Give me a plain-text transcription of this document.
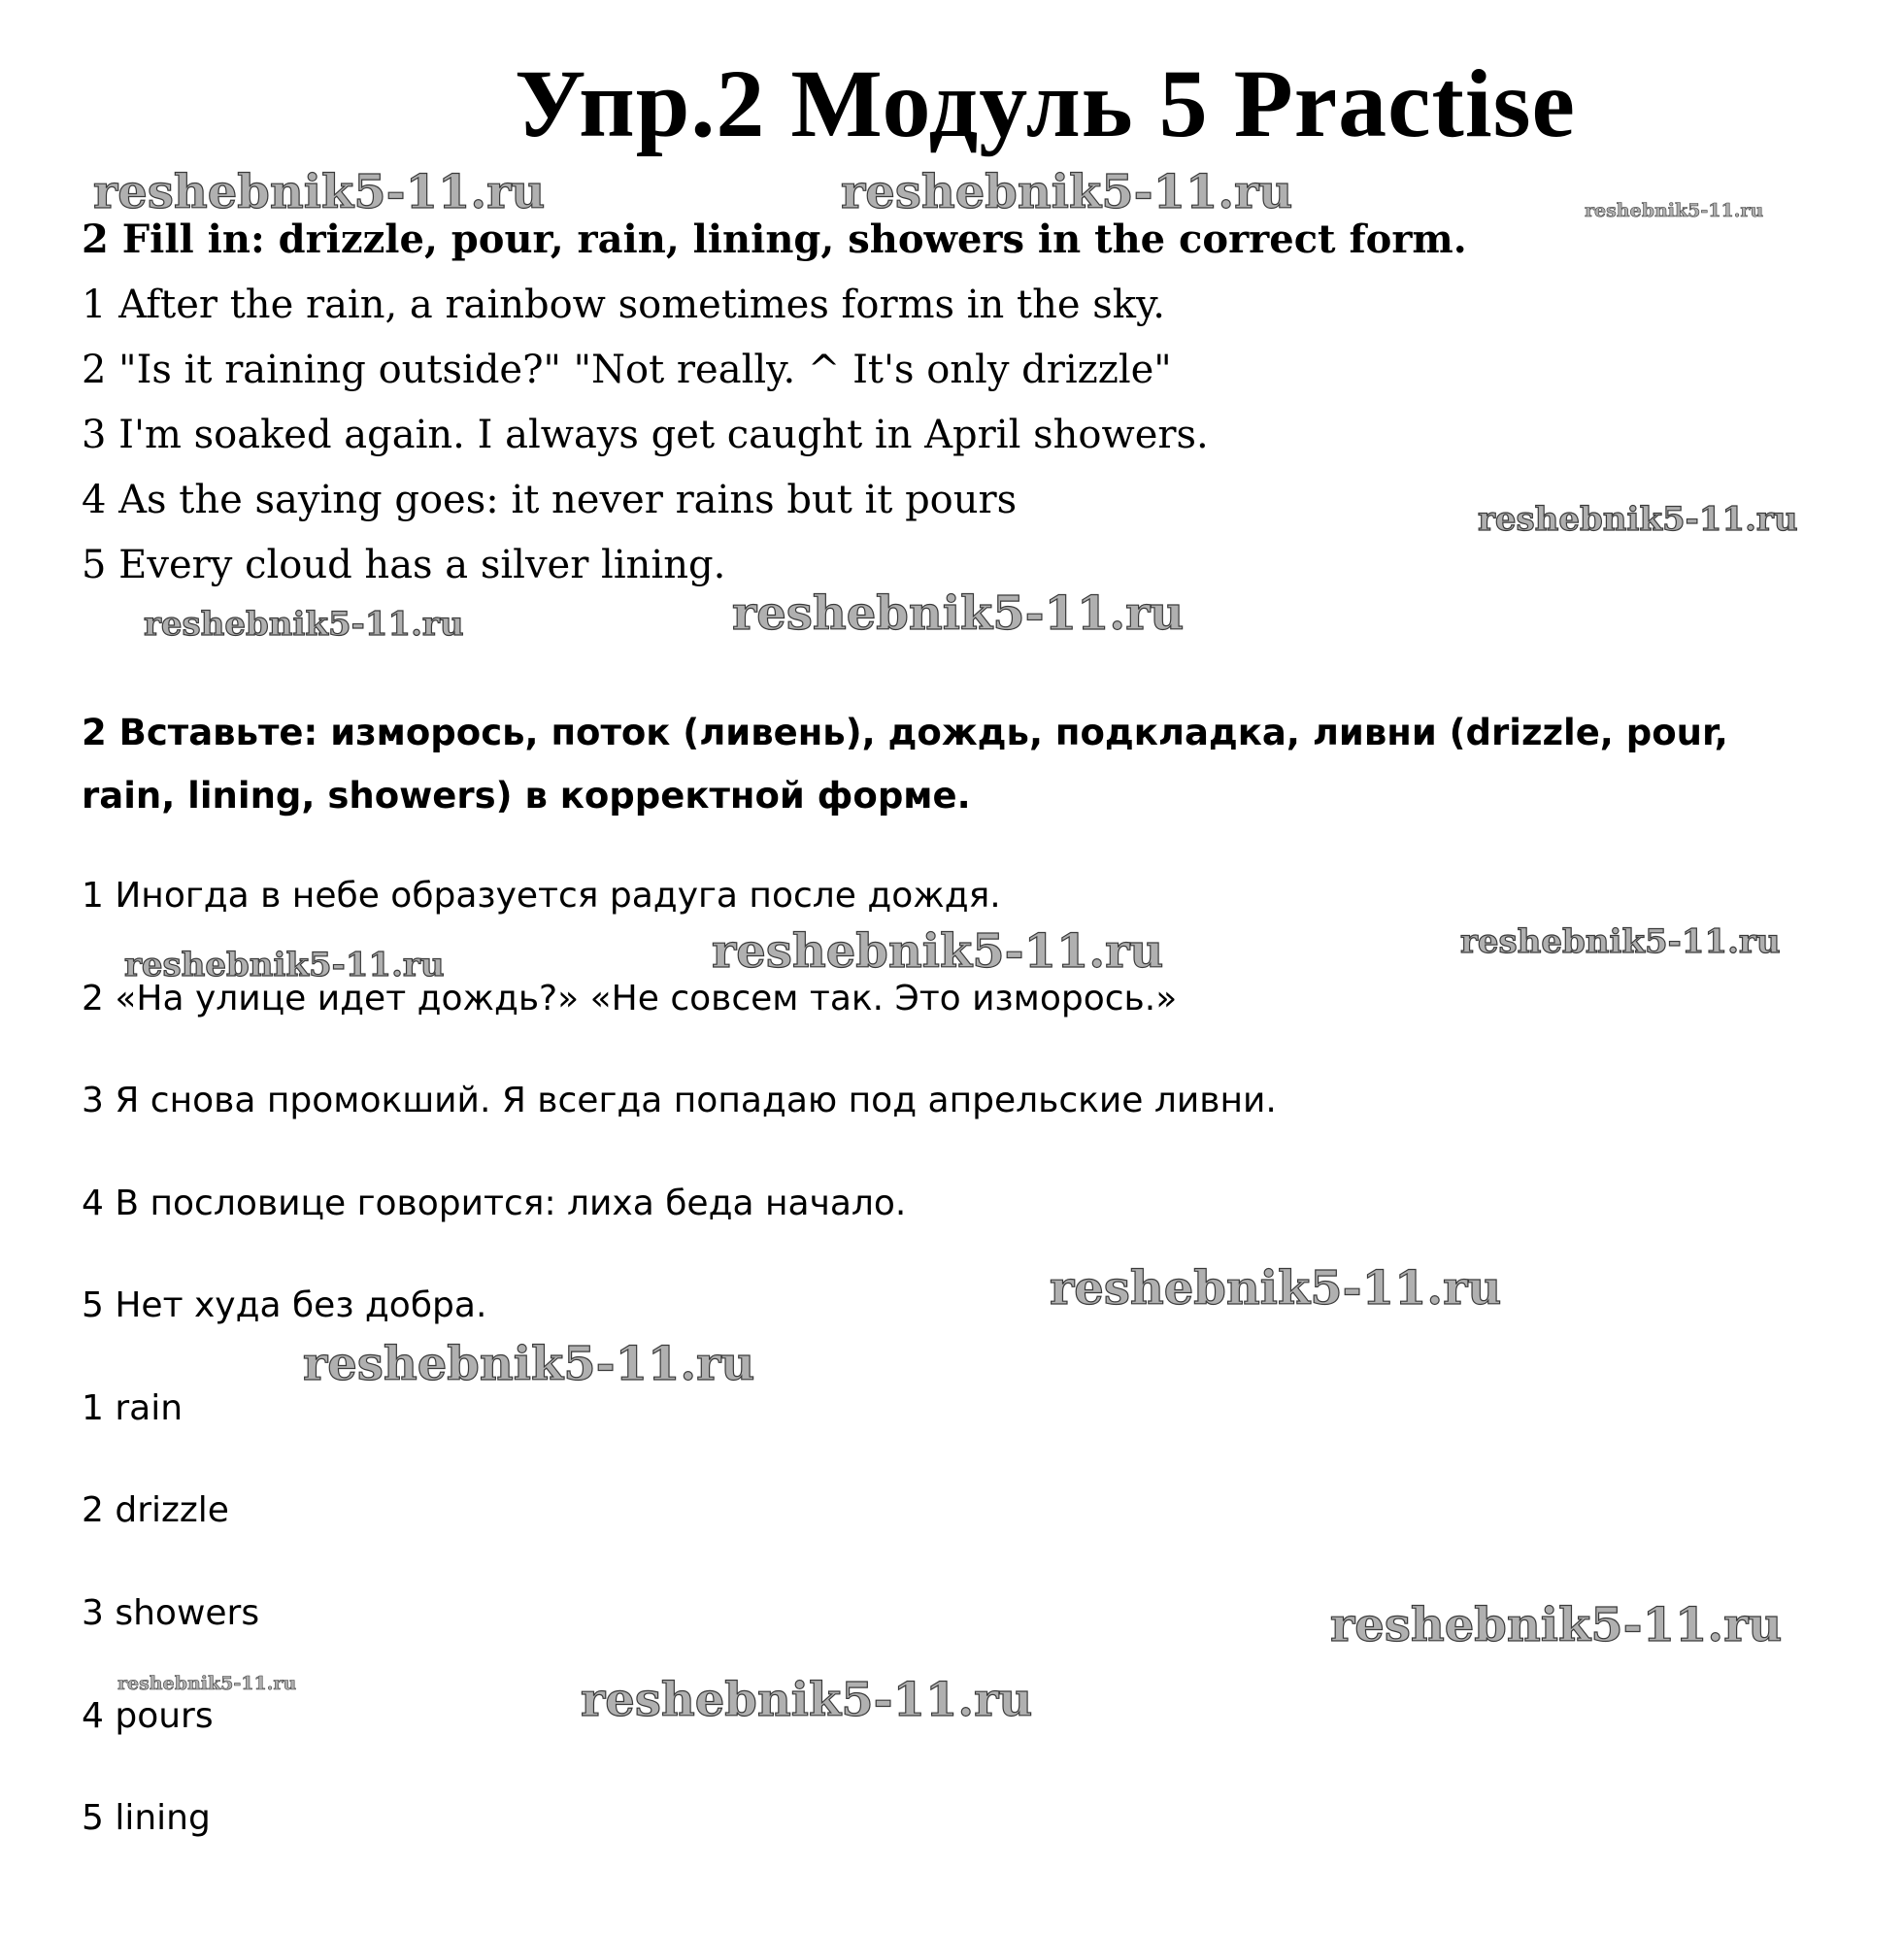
Упр.2 Модуль 5 Practise
2 Fill in: drizzle, pour, rain, lining, showers in the correct form.
1 After the rain, a rainbow sometimes forms in the sky.
2 "Is it raining outside?" "Not really. ^ It's only drizzle"
3 I'm soaked again. I always get caught in April showers.
4 As the saying goes: it never rains but it pours
5 Every cloud has a silver lining.
2 Вставьте: изморось, поток (ливень), дождь, подкладка, ливни (drizzle, pour, rain, lining, showers) в корректной форме.
1 Иногда в небе образуется радуга после дождя.
2 «На улице идет дождь?» «Не совсем так. Это изморось.»
3 Я снова промокший. Я всегда попадаю под апрельские ливни.
4 В пословице говорится: лиха беда начало.
5 Нет худа без добра.
1 rain
2 drizzle
3 showers
4 pours
5 lining
reshebnik5-11.ru	reshebnik5-11.ru	reshebnik5-11.ru
reshebnik5-11.ru
reshebnik5-11.ru	reshebnik5-11.ru
reshebnik5-11.ru	reshebnik5-11.ru	reshebnik5-11.ru
reshebnik5-11.ru
reshebnik5-11.ru
reshebnik5-11.ru
reshebnik5-11.ru	reshebnik5-11.ru
